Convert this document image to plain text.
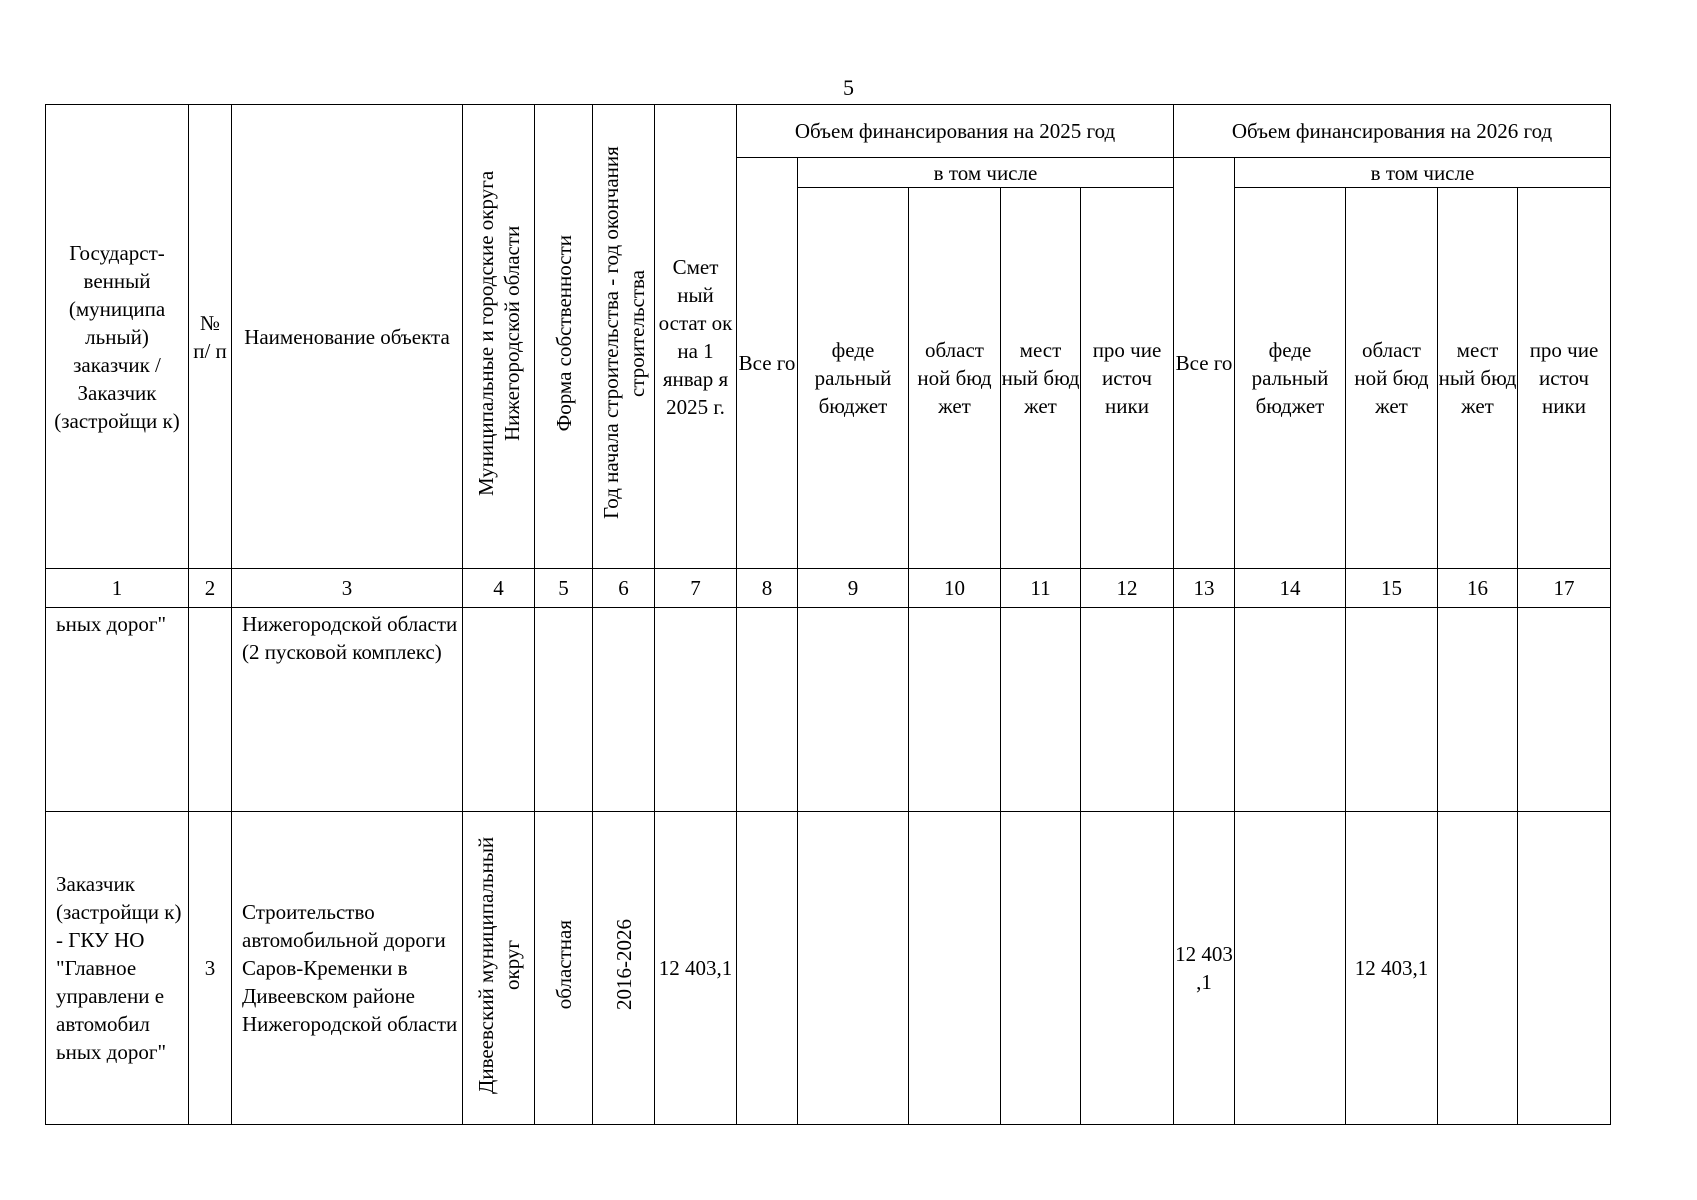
5
Государст-венный (муниципа льный) заказчик / Заказчик (застройщи к)	№ п/ п	Наименование объекта	Муниципальные и городские округа Нижегородской области	Форма собственности	Год начала строительства - год окончания строительства	Смет ный остат ок на 1 январ я 2025 г.	Объем финансирования на 2025 год					Объем финансирования на 2026 год				
							Все го	в том числе				Все го	в том числе			
								феде ральный бюджет	област ной бюд жет	мест ный бюд жет	про чие источ ники		феде ральный бюджет	област ной бюд жет	мест ный бюд жет	про чие источ ники
1	2	3	4	5	6	7	8	9	10	11	12	13	14	15	16	17
ьных дорог"		Нижегородской области (2 пусковой комплекс)														
Заказчик (застройщи к) - ГКУ НО "Главное управлени е автомобил ьных дорог"	3	Строительство автомобильной дороги Саров-Кременки в Дивеевском районе Нижегородской области	Дивеевский муниципальный округ	областная	2016-2026	12 403,1						12 403 ,1		12 403,1		
